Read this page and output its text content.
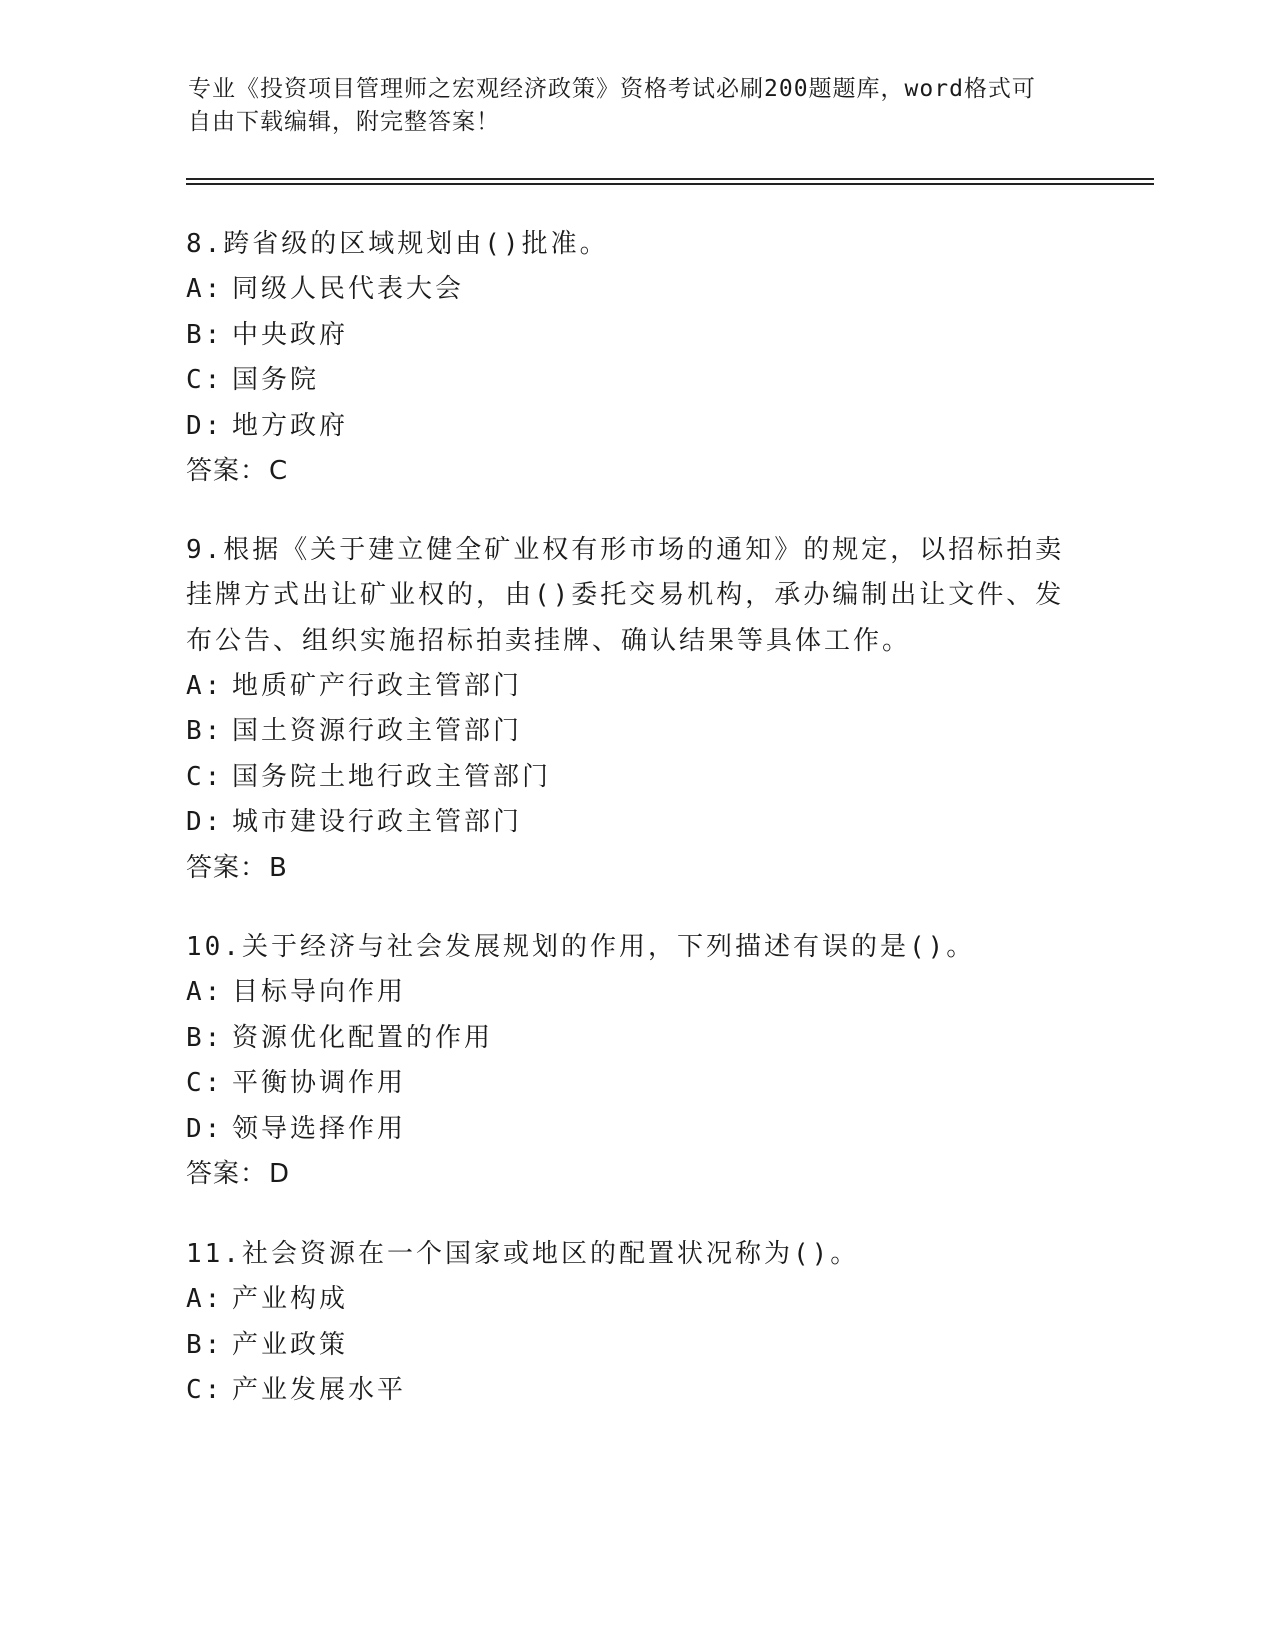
专业《投资项目管理师之宏观经济政策》资格考试必刷200题题库，word格式可
自由下载编辑，附完整答案！
8.跨省级的区域规划由()批准。
A: 同级人民代表大会
B: 中央政府
C: 国务院
D: 地方政府
答案：C
9.根据《关于建立健全矿业权有形市场的通知》的规定，以招标拍卖
挂牌方式出让矿业权的，由()委托交易机构，承办编制出让文件、发
布公告、组织实施招标拍卖挂牌、确认结果等具体工作。
A: 地质矿产行政主管部门
B: 国土资源行政主管部门
C: 国务院土地行政主管部门
D: 城市建设行政主管部门
答案：B
10.关于经济与社会发展规划的作用，下列描述有误的是()。
A: 目标导向作用
B: 资源优化配置的作用
C: 平衡协调作用
D: 领导选择作用
答案：D
11.社会资源在一个国家或地区的配置状况称为()。
A: 产业构成
B: 产业政策
C: 产业发展水平
